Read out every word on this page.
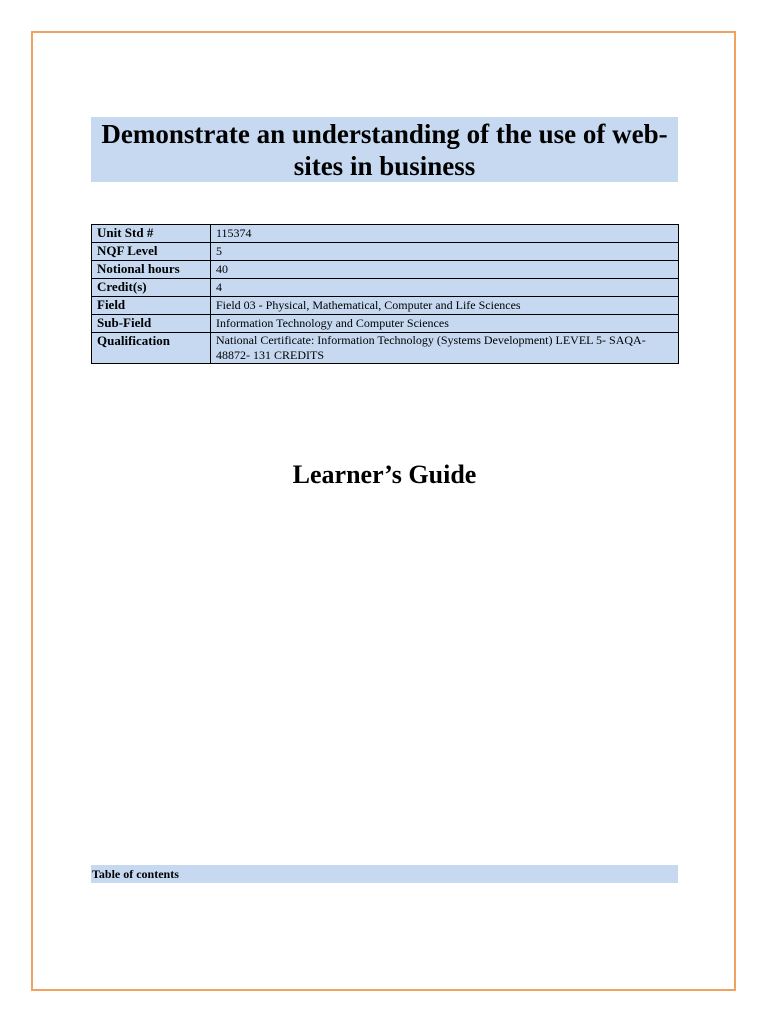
Demonstrate an understanding of the use of web-sites in business
Unit Std #	115374
NQF Level	5
Notional hours	40
Credit(s)	4
Field	Field 03 - Physical, Mathematical, Computer and Life Sciences
Sub-Field	Information Technology and Computer Sciences
Qualification	National Certificate: Information Technology (Systems Development) LEVEL 5- SAQA- 48872- 131 CREDITS
Learner’s Guide
Table of contents
